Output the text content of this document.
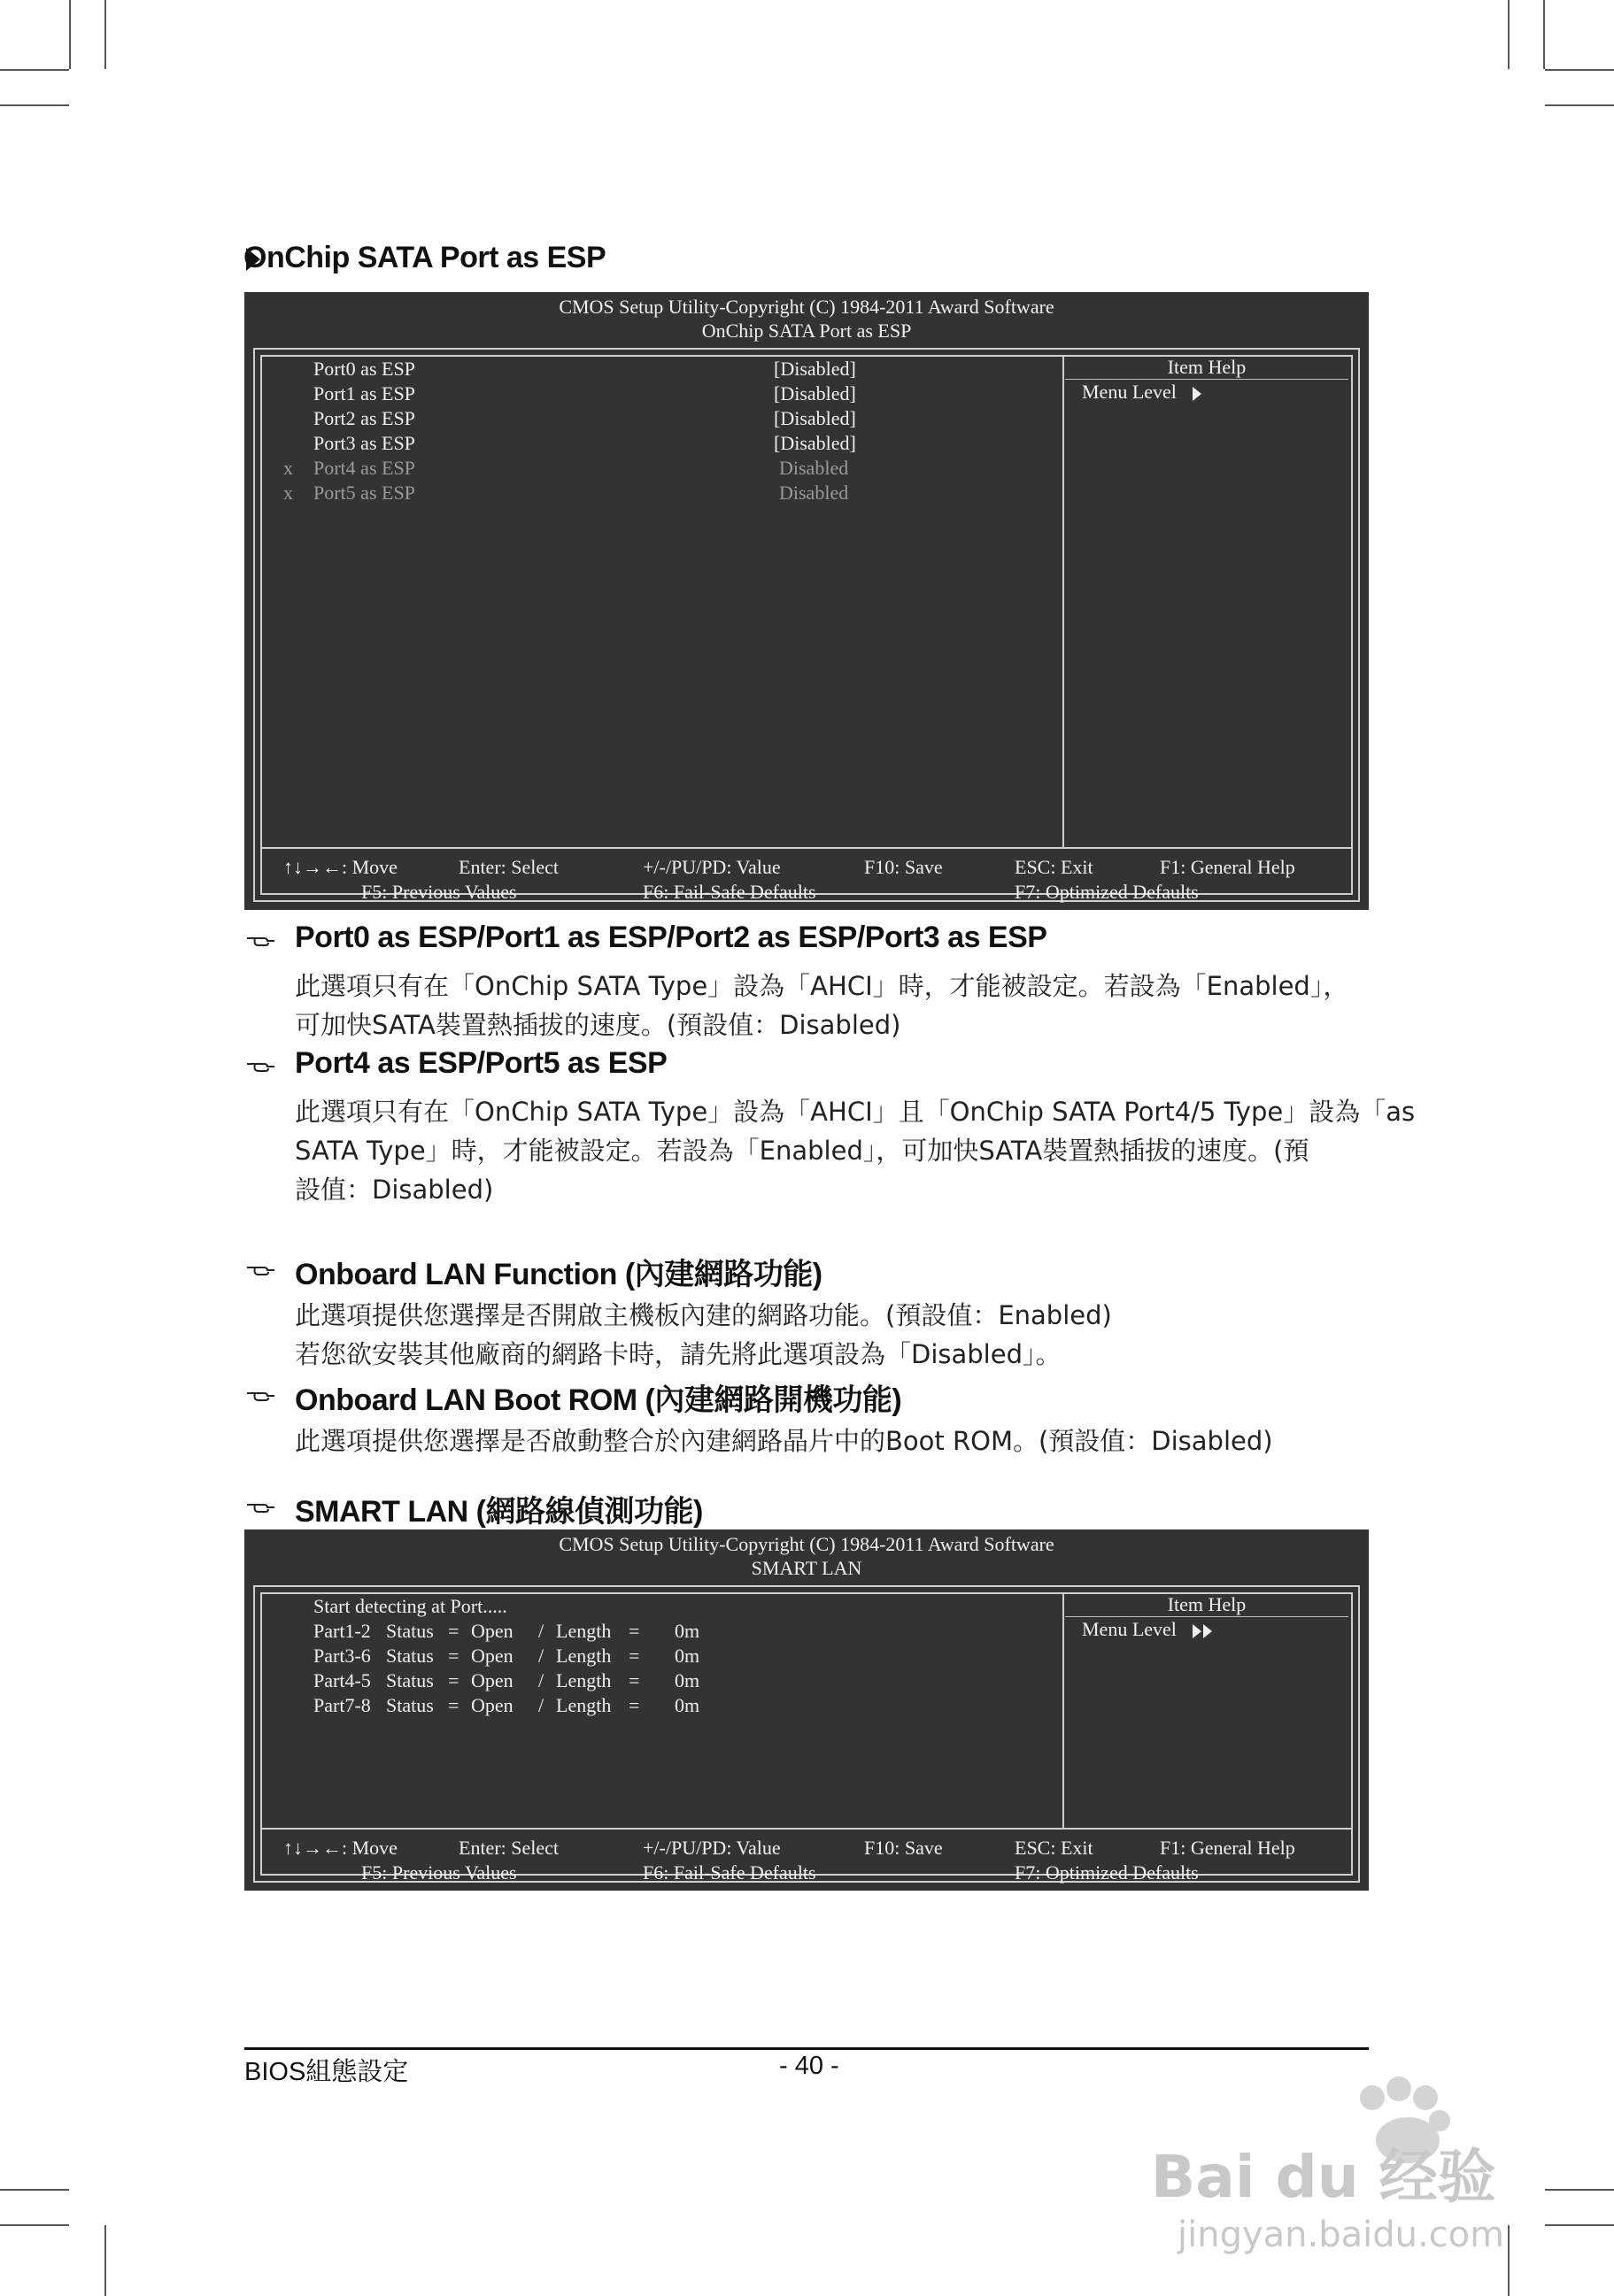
OnChip SATA Port as ESP
CMOS Setup Utility-Copyright (C) 1984-2011 Award Software
OnChip SATA Port as ESP
Port0 as ESP	[Disabled]
Port1 as ESP	[Disabled]
Port2 as ESP	[Disabled]
Port3 as ESP	[Disabled]
x Port4 as ESP	Disabled
x Port5 as ESP	Disabled
Item Help
Menu Level
↑↓→←: Move	Enter: Select	+/-/PU/PD: Value	F10: Save	ESC: Exit	F1: General Help
F5: Previous Values	F6: Fail-Safe Defaults	F7: Optimized Defaults
Port0 as ESP/Port1 as ESP/Port2 as ESP/Port3 as ESP
此選項只有在「OnChip SATA Type」設為「AHCI」時，才能被設定。若設為「Enabled」，
可加快SATA裝置熱插拔的速度。(預設值：Disabled)
Port4 as ESP/Port5 as ESP
此選項只有在「OnChip SATA Type」設為「AHCI」且「OnChip SATA Port4/5 Type」設為「as
SATA Type」時，才能被設定。若設為「Enabled」，可加快SATA裝置熱插拔的速度。(預
設值：Disabled)
Onboard LAN Function (內建網路功能)
此選項提供您選擇是否開啟主機板內建的網路功能。(預設值：Enabled)
若您欲安裝其他廠商的網路卡時，請先將此選項設為「Disabled」。
Onboard LAN Boot ROM (內建網路開機功能)
此選項提供您選擇是否啟動整合於內建網路晶片中的Boot ROM。(預設值：Disabled)
SMART LAN (網路線偵測功能)
CMOS Setup Utility-Copyright (C) 1984-2011 Award Software
SMART LAN
Start detecting at Port.....
Part1-2 Status = Open / Length = 0m
Part3-6 Status = Open / Length = 0m
Part4-5 Status = Open / Length = 0m
Part7-8 Status = Open / Length = 0m
Item Help
Menu Level
↑↓→←: Move	Enter: Select	+/-/PU/PD: Value	F10: Save	ESC: Exit	F1: General Help
F5: Previous Values	F6: Fail-Safe Defaults	F7: Optimized Defaults
BIOS組態設定	- 40 -
Bai du 经验
jingyan.baidu.com
